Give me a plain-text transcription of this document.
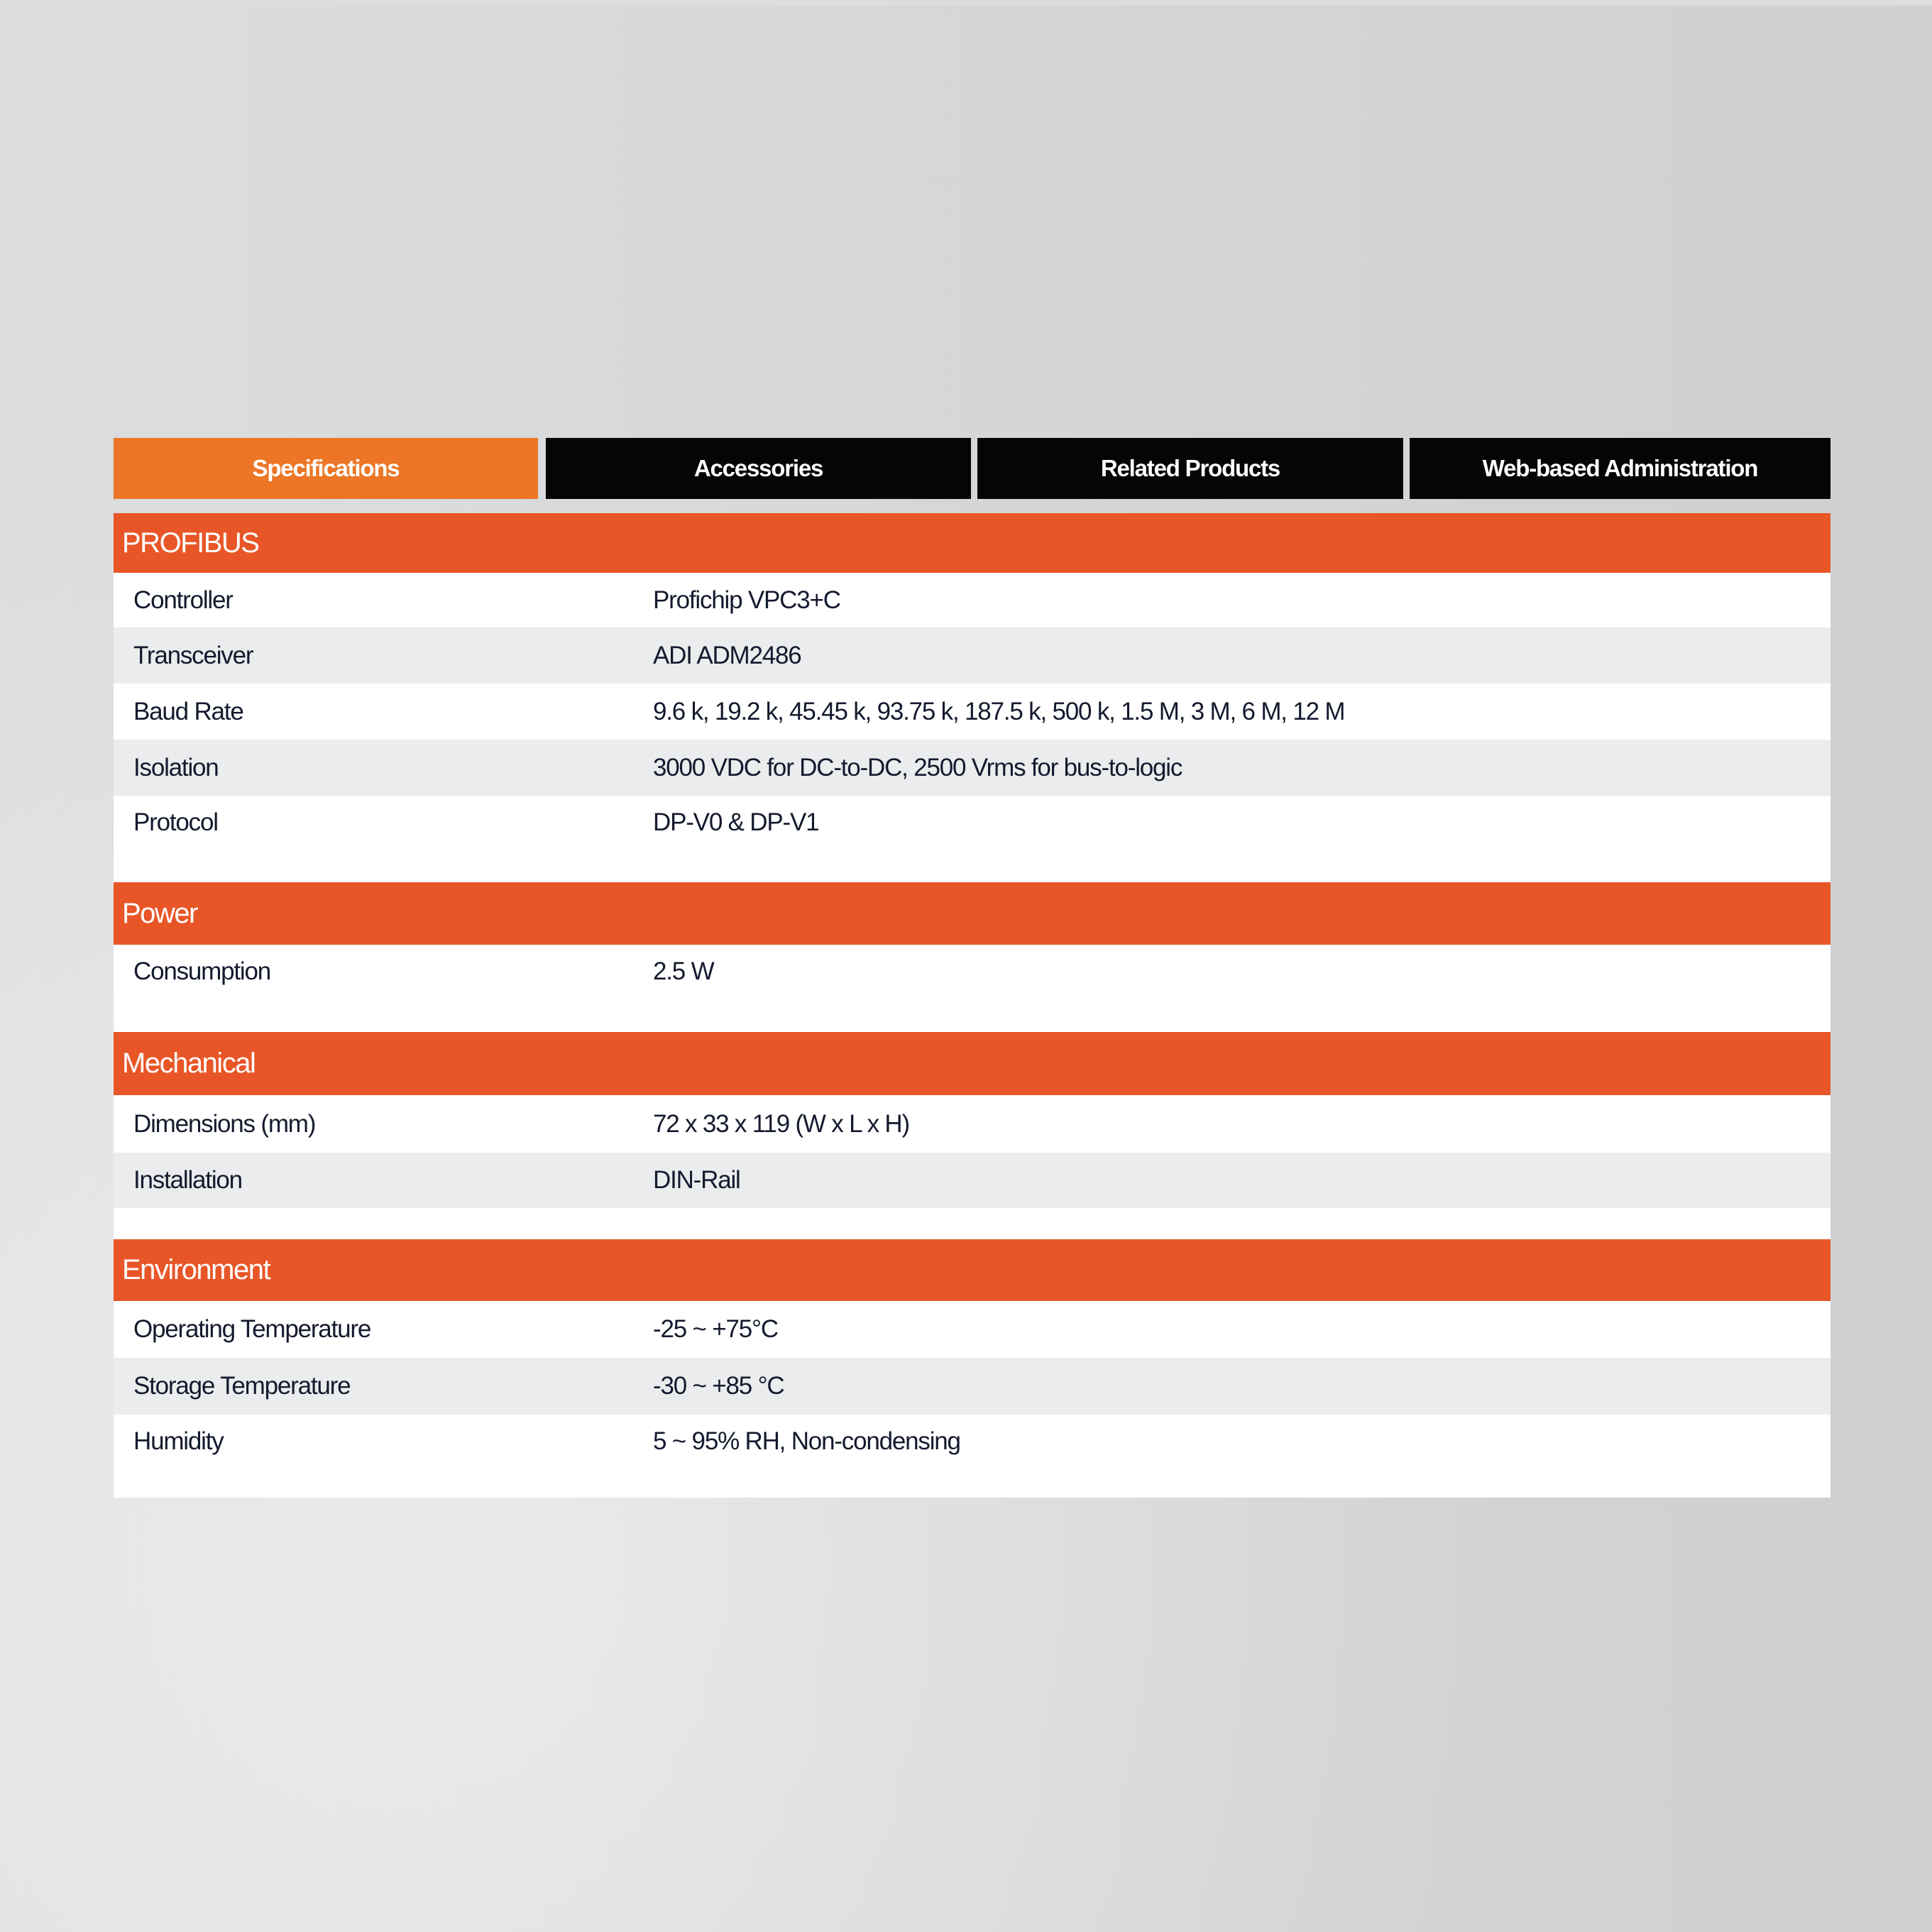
Specifications	Accessories	Related Products	Web-based Administration
PROFIBUS
Controller	Profichip VPC3+C
Transceiver	ADI ADM2486
Baud Rate	9.6 k, 19.2 k, 45.45 k, 93.75 k, 187.5 k, 500 k, 1.5 M, 3 M, 6 M, 12 M
Isolation	3000 VDC for DC-to-DC, 2500 Vrms for bus-to-logic
Protocol	DP-V0 & DP-V1
Power
Consumption	2.5 W
Mechanical
Dimensions (mm)	72 x 33 x 119 (W x L x H)
Installation	DIN-Rail
Environment
Operating Temperature	-25 ~ +75°C
Storage Temperature	-30 ~ +85 °C
Humidity	5 ~ 95% RH, Non-condensing
